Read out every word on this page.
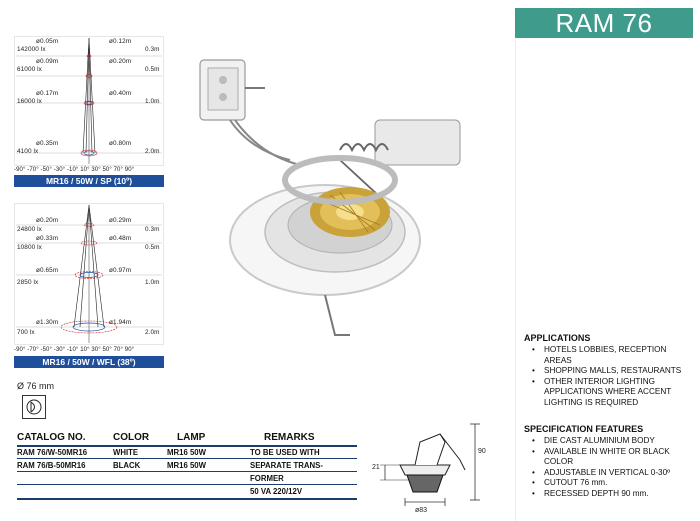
RAM 76
ø0.05m	ø0.12m
142000 lx	0.3m
ø0.09m	ø0.20m
61000 lx	0.5m
ø0.17m	ø0.40m
16000 lx	1.0m
ø0.35m	ø0.80m
4100 lx	2.0m
-90° -70° -50° -30° -10° 10° 30° 50° 70° 90°
MR16 / 50W / SP (10º)
ø0.20m	ø0.29m
24800 lx	0.3m
ø0.33m	ø0.48m
10800 lx	0.5m
ø0.65m	ø0.97m
2850 lx	1.0m
ø1.30m	ø1.94m
700 lx	2.0m
-90° -70° -50° -30° -10° 10° 30° 50° 70° 90°
MR16 / 50W / WFL (38º)
Ø 76 mm
CATALOG NO.	COLOR	LAMP	REMARKS
RAM 76/W-50MR16	WHITE	MR16 50W	TO BE USED WITH
RAM 76/B-50MR16	BLACK	MR16 50W	SEPARATE TRANS-
FORMER
50 VA 220/12V
90
21
ø83
APPLICATIONS
• HOTELS LOBBIES, RECEPTION AREAS
• SHOPPING MALLS, RESTAURANTS
• OTHER INTERIOR LIGHTING APPLICATIONS WHERE ACCENT LIGHTING IS REQUIRED
SPECIFICATION FEATURES
• DIE CAST ALUMINIUM BODY
• AVAILABLE IN WHITE OR BLACK COLOR
• ADJUSTABLE IN VERTICAL 0-30º
• CUTOUT 76 mm.
• RECESSED DEPTH 90 mm.
